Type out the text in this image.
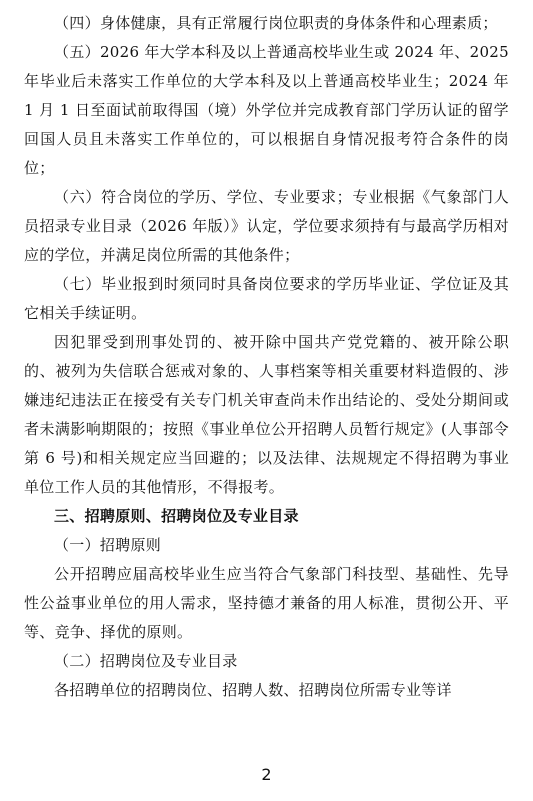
（四）身体健康，具有正常履行岗位职责的身体条件和心理素质；

（五）2026 年大学本科及以上普通高校毕业生或 2024 年、2025 年毕业后未落实工作单位的大学本科及以上普通高校毕业生；2024 年 1 月 1 日至面试前取得国（境）外学位并完成教育部门学历认证的留学回国人员且未落实工作单位的，可以根据自身情况报考符合条件的岗位；

（六）符合岗位的学历、学位、专业要求；专业根据《气象部门人员招录专业目录（2026 年版）》认定，学位要求须持有与最高学历相对应的学位，并满足岗位所需的其他条件；

（七）毕业报到时须同时具备岗位要求的学历毕业证、学位证及其它相关手续证明。

因犯罪受到刑事处罚的、被开除中国共产党党籍的、被开除公职的、被列为失信联合惩戒对象的、人事档案等相关重要材料造假的、涉嫌违纪违法正在接受有关专门机关审查尚未作出结论的、受处分期间或者未满影响期限的；按照《事业单位公开招聘人员暂行规定》(人事部令第 6 号)和相关规定应当回避的；以及法律、法规规定不得招聘为事业单位工作人员的其他情形，不得报考。

三、招聘原则、招聘岗位及专业目录

（一）招聘原则

公开招聘应届高校毕业生应当符合气象部门科技型、基础性、先导性公益事业单位的用人需求，坚持德才兼备的用人标准，贯彻公开、平等、竞争、择优的原则。

（二）招聘岗位及专业目录

各招聘单位的招聘岗位、招聘人数、招聘岗位所需专业等详

2
